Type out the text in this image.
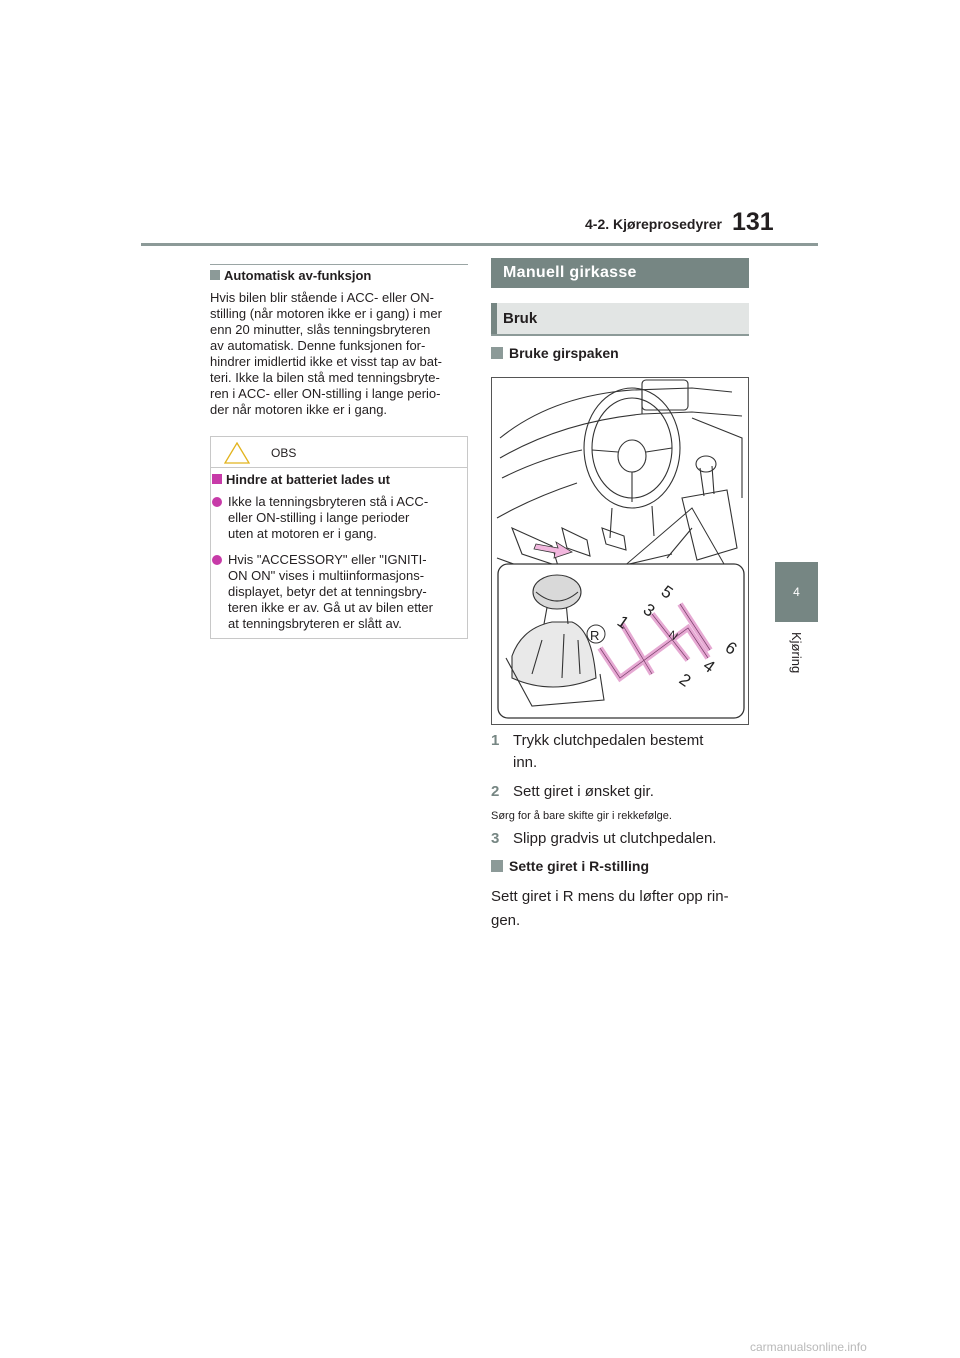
4-2. Kjøreprosedyrer 131
4
Kjøring
Automatisk av-funksjon

Hvis bilen blir stående i ACC- eller ON-

stilling (når motoren ikke er i gang) i mer

enn 20 minutter, slås tenningsbryteren

av automatisk. Denne funksjonen for-

hindrer imidlertid ikke et visst tap av bat-

teri. Ikke la bilen stå med tenningsbryte-

ren i ACC- eller ON-stilling i lange perio-

der når motoren ikke er i gang.

OBS
Hindre at batteriet lades ut

Ikke la tenningsbryteren stå i ACC-

eller ON-stilling i lange perioder

uten at motoren er i gang.

Hvis "ACCESSORY" eller "IGNITI-

ON ON" vises i multiinformasjons-

displayet, betyr det at tenningsbry-

teren ikke er av. Gå ut av bilen etter

at tenningsbryteren er slått av.

Manuell girkasse
Bruk
Bruke girspaken
R
1
2
3
4
5
6
N
1 Trykk clutchpedalen bestemt

inn.

2 Sett giret i ønsket gir.

Sørg for å bare skifte gir i rekkefølge.
3 Slipp gradvis ut clutchpedalen.

Sette giret i R-stilling

Sett giret i R mens du løfter opp rin-

gen.

carmanualsonline.info
